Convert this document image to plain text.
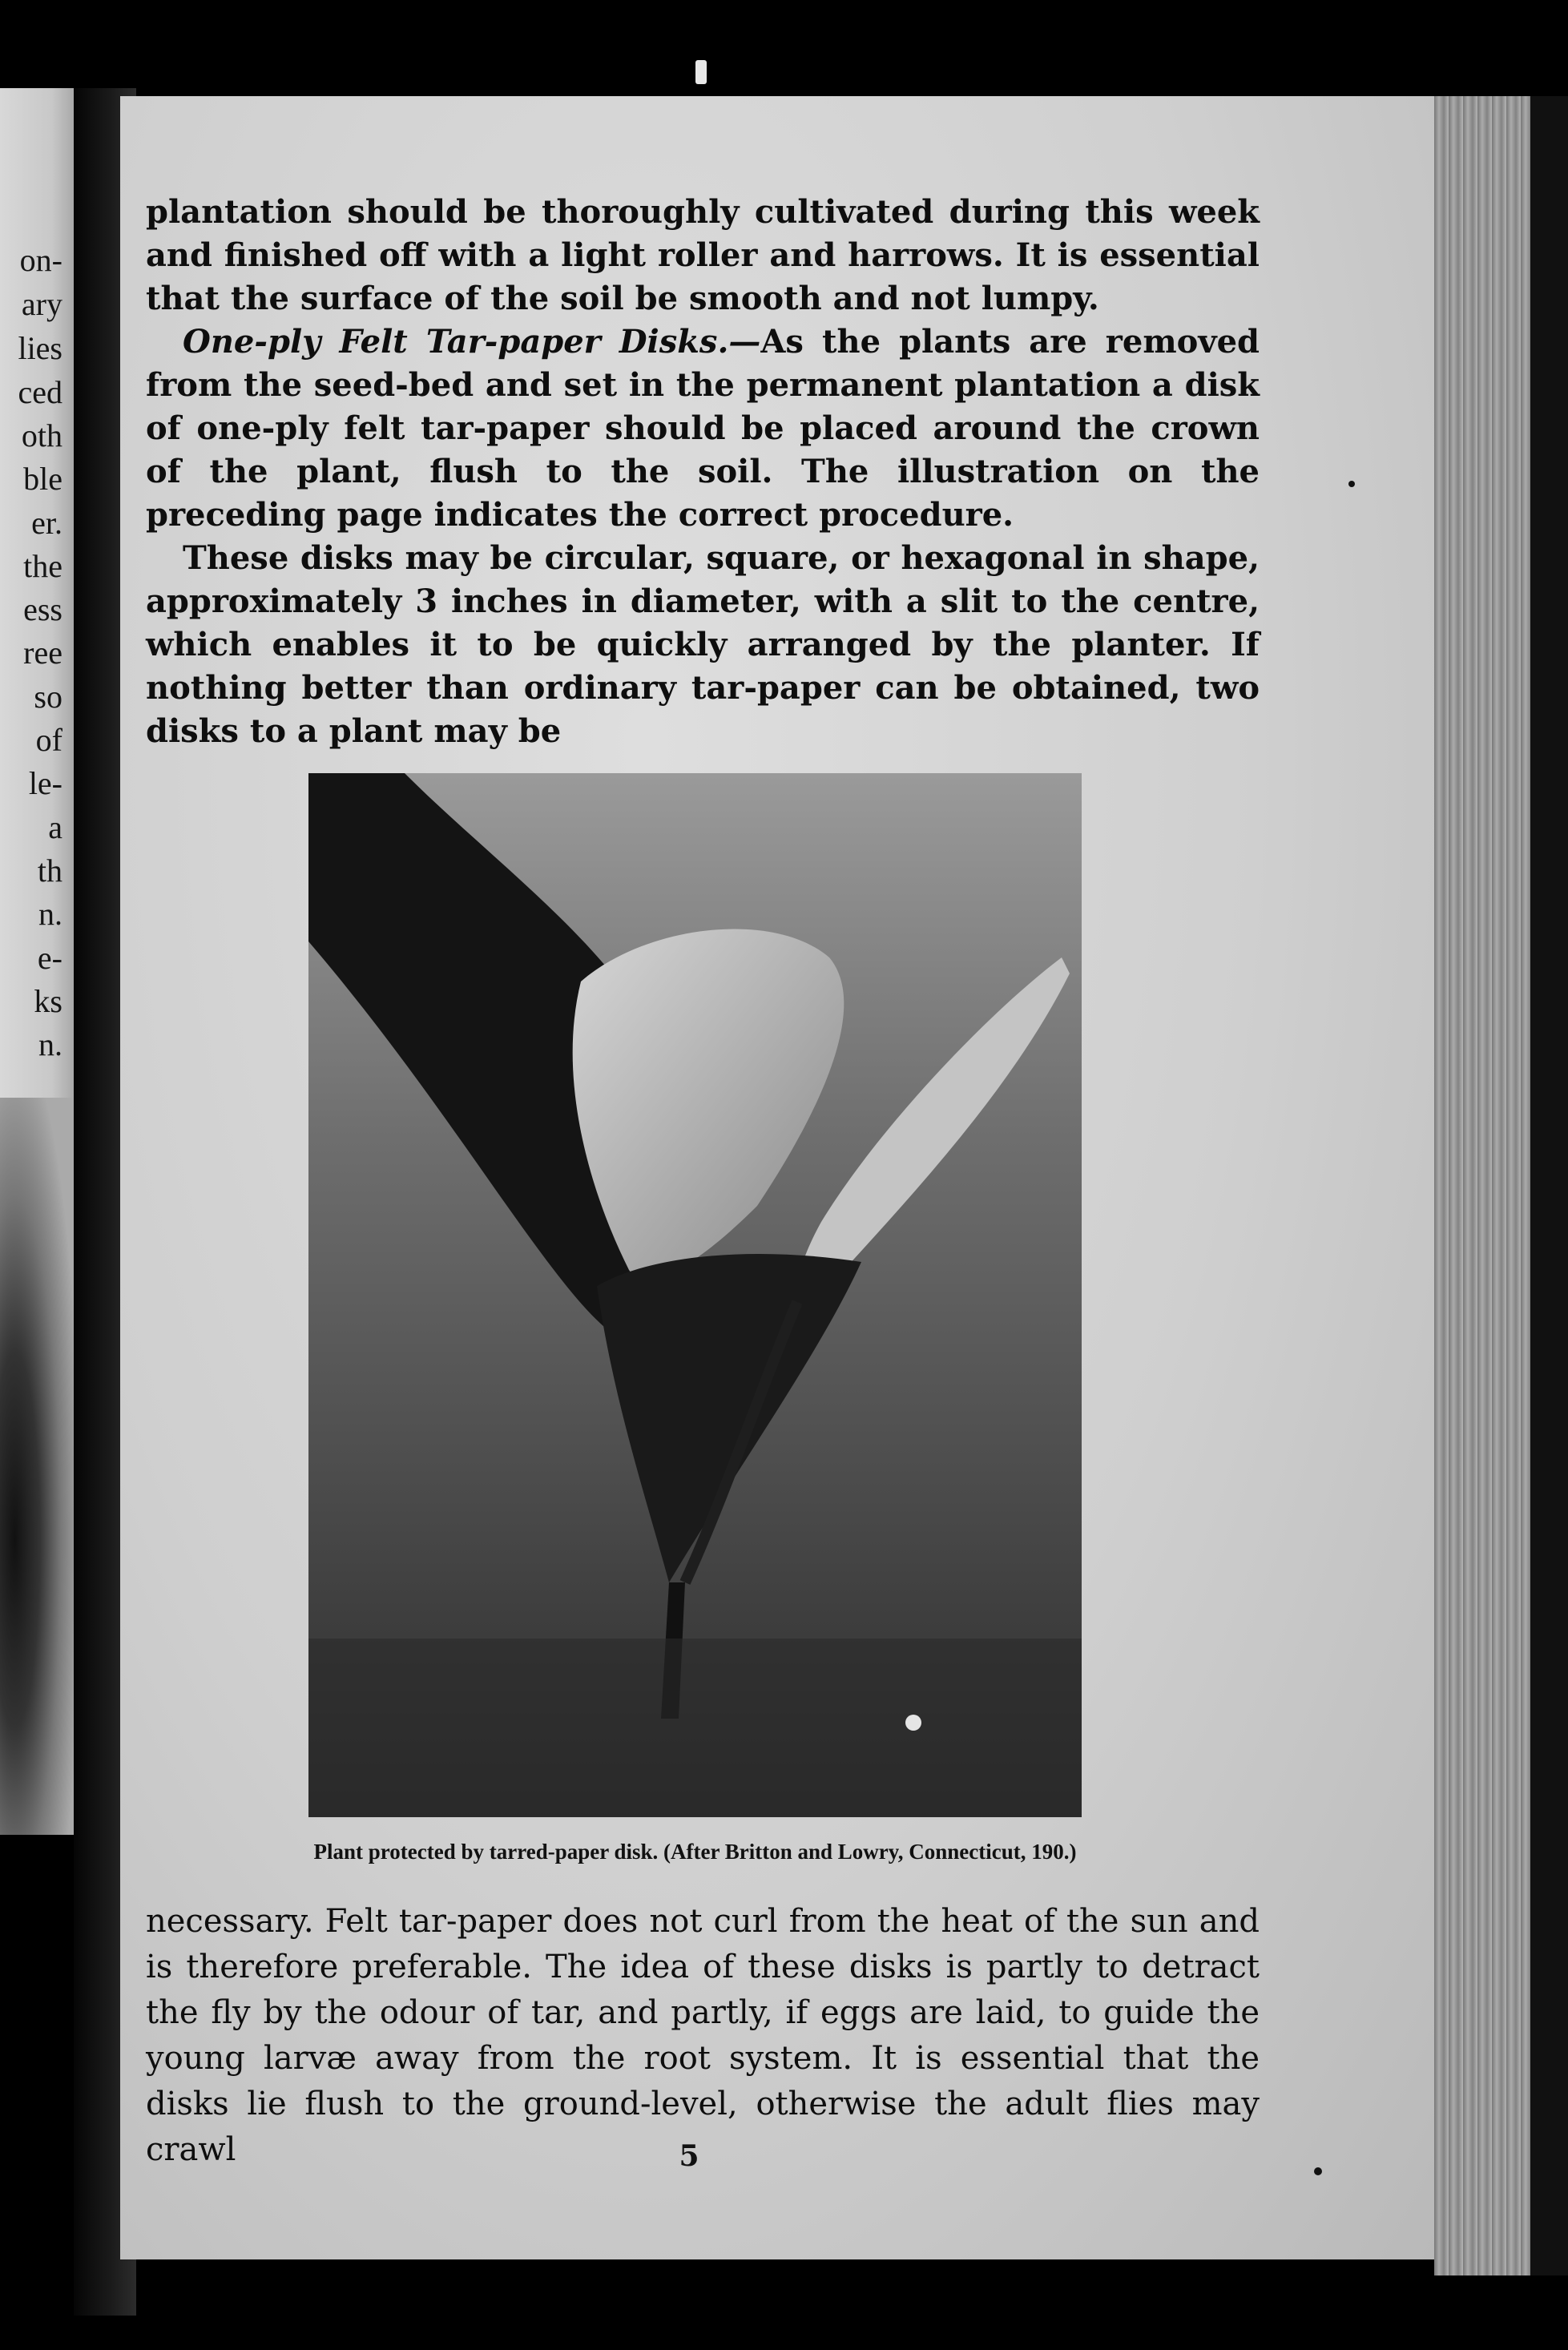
on-
ary
lies
ced
oth
ble
er.
the
ess
ree
so
of
le-
a
th
n.
e-
ks
n.

plantation should be thoroughly cultivated during this week and finished off with a light roller and harrows. It is essential that the surface of the soil be smooth and not lumpy.

One-ply Felt Tar-paper Disks.—As the plants are removed from the seed-bed and set in the permanent plantation a disk of one-ply felt tar-paper should be placed around the crown of the plant, flush to the soil. The illustration on the preceding page indicates the correct procedure.

These disks may be circular, square, or hexagonal in shape, approximately 3 inches in diameter, with a slit to the centre, which enables it to be quickly arranged by the planter. If nothing better than ordinary tar-paper can be obtained, two disks to a plant may be

Plant protected by tarred-paper disk. (After Britton and Lowry, Connecticut, 190.)

necessary. Felt tar-paper does not curl from the heat of the sun and is therefore preferable. The idea of these disks is partly to detract the fly by the odour of tar, and partly, if eggs are laid, to guide the young larvæ away from the root system. It is essential that the disks lie flush to the ground-level, otherwise the adult flies may crawl	5
